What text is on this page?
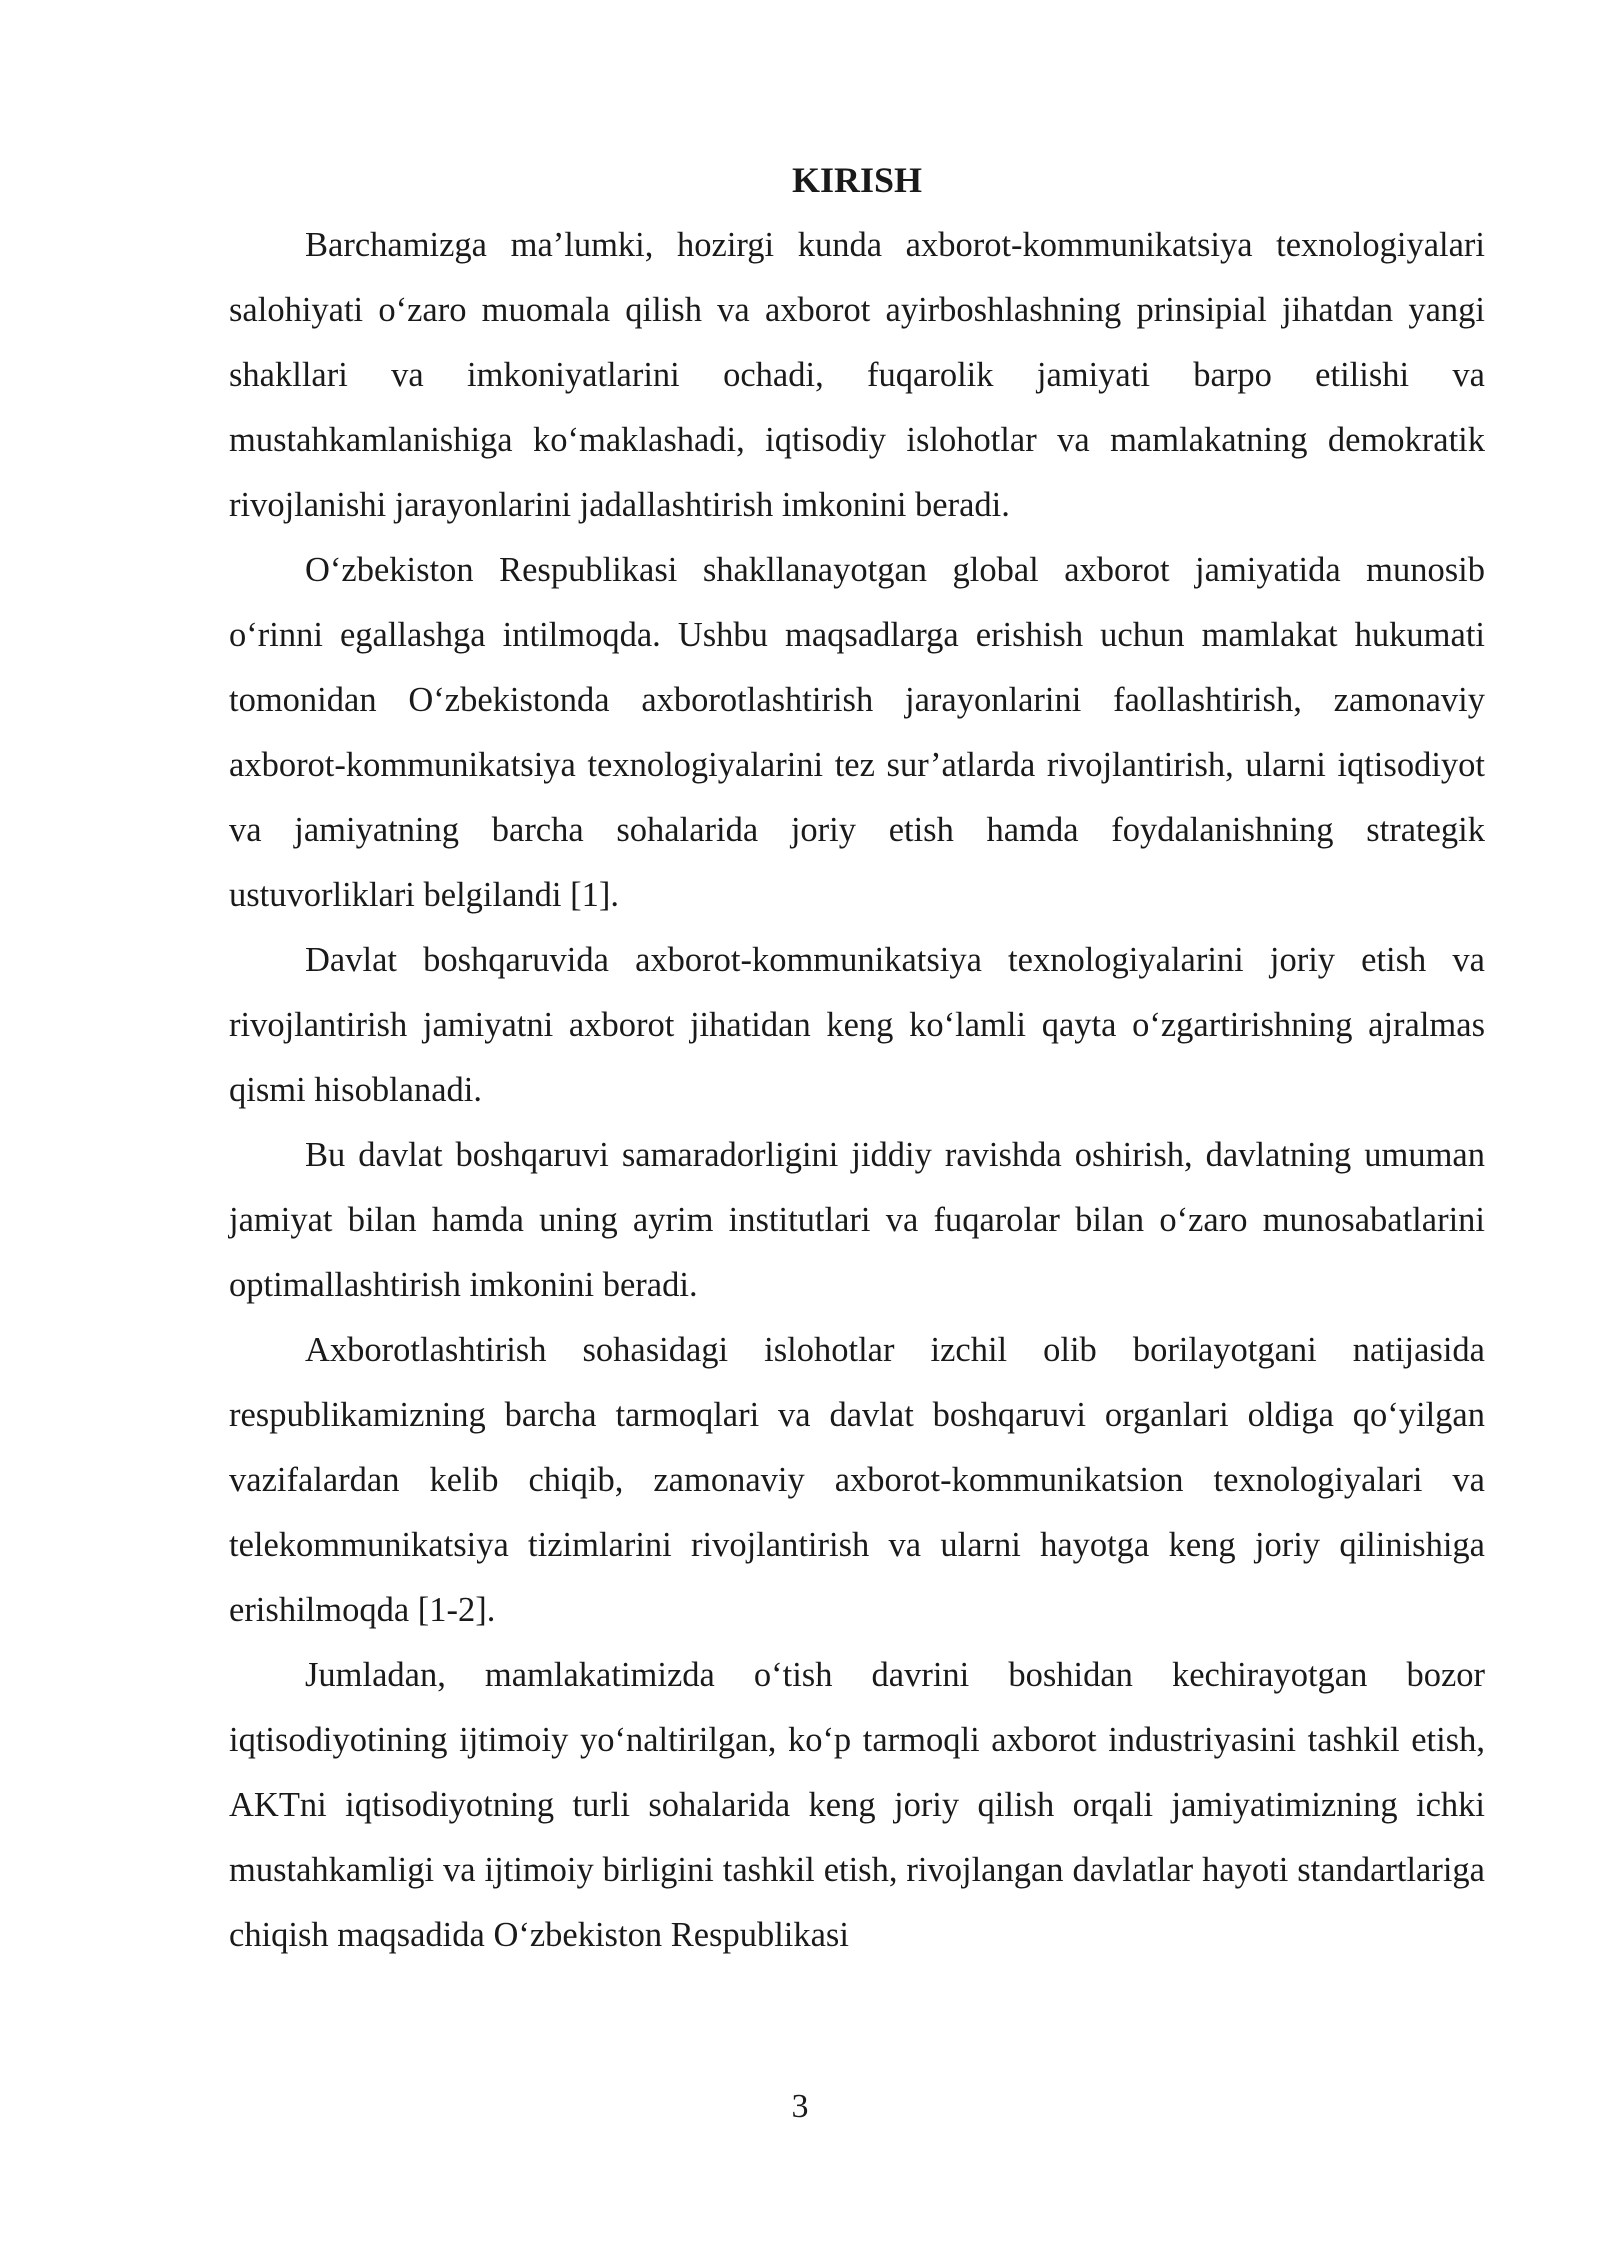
KIRISH

Barchamizga ma’lumki, hozirgi kunda axborot-kommunikatsiya texnologiyalari salohiyati o‘zaro muomala qilish va axborot ayirboshlashning prinsipial jihatdan yangi shakllari va imkoniyatlarini ochadi, fuqarolik jamiyati barpo etilishi va mustahkamlanishiga ko‘maklashadi, iqtisodiy islohotlar va mamlakatning demokratik rivojlanishi jarayonlarini jadallashtirish imkonini beradi.

O‘zbekiston Respublikasi shakllanayotgan global axborot jamiyatida munosib o‘rinni egallashga intilmoqda. Ushbu maqsadlarga erishish uchun mamlakat hukumati tomonidan O‘zbekistonda axborotlashtirish jarayonlarini faollashtirish, zamonaviy axborot-kommunikatsiya texnologiyalarini tez sur’atlarda rivojlantirish, ularni iqtisodiyot va jamiyatning barcha sohalarida joriy etish hamda foydalanishning strategik ustuvorliklari belgilandi [1].

Davlat boshqaruvida axborot-kommunikatsiya texnologiyalarini joriy etish va rivojlantirish jamiyatni axborot jihatidan keng ko‘lamli qayta o‘zgartirishning ajralmas qismi hisoblanadi.

Bu davlat boshqaruvi samaradorligini jiddiy ravishda oshirish, davlatning umuman jamiyat bilan hamda uning ayrim institutlari va fuqarolar bilan o‘zaro munosabatlarini optimallashtirish imkonini beradi.

Axborotlashtirish sohasidagi islohotlar izchil olib borilayotgani natijasida respublikamizning barcha tarmoqlari va davlat boshqaruvi organlari oldiga qo‘yilgan vazifalardan kelib chiqib, zamonaviy axborot-kommunikatsion texnologiyalari va telekommunikatsiya tizimlarini rivojlantirish va ularni hayotga keng joriy qilinishiga erishilmoqda [1-2].

Jumladan, mamlakatimizda o‘tish davrini boshidan kechirayotgan bozor iqtisodiyotining ijtimoiy yo‘naltirilgan, ko‘p tarmoqli axborot industriyasini tashkil etish, AKTni iqtisodiyotning turli sohalarida keng joriy qilish orqali jamiyatimizning ichki mustahkamligi va ijtimoiy birligini tashkil etish, rivojlangan davlatlar hayoti standartlariga chiqish maqsadida O‘zbekiston Respublikasi

3
